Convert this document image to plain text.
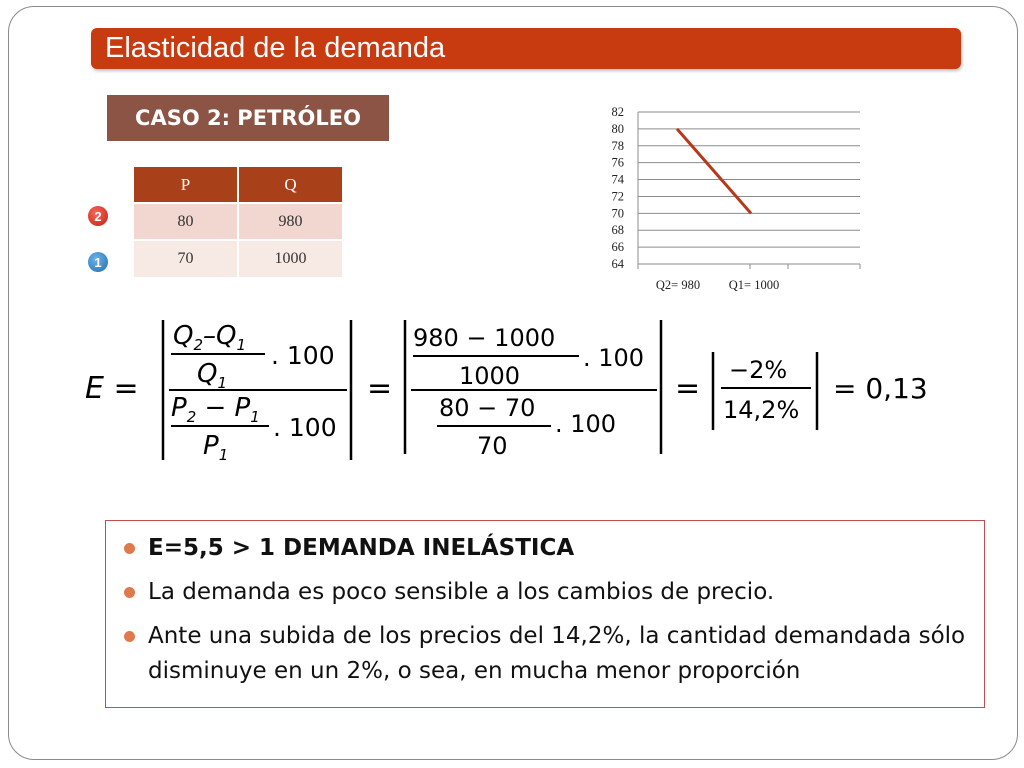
Elasticidad de la demanda
CASO 2: PETRÓLEO
2
1
P	Q
80	980
70	1000
82
80
78
76
74
72
70
68
66
64
Q2= 980 Q1= 1000
E =
$Q_2-Q_1$
$Q_1$
. 100
$P_2 - P_1$
$P_1$
. 100
=
980 − 1000
1000
. 100
80 − 70
70
. 100
=
−2%
14,2%
= 0,13
E=5,5 > 1 DEMANDA INELÁSTICA
La demanda es poco sensible a los cambios de precio.
Ante una subida de los precios del 14,2%, la cantidad demandada sólo disminuye en un 2%, o sea, en mucha menor proporción
